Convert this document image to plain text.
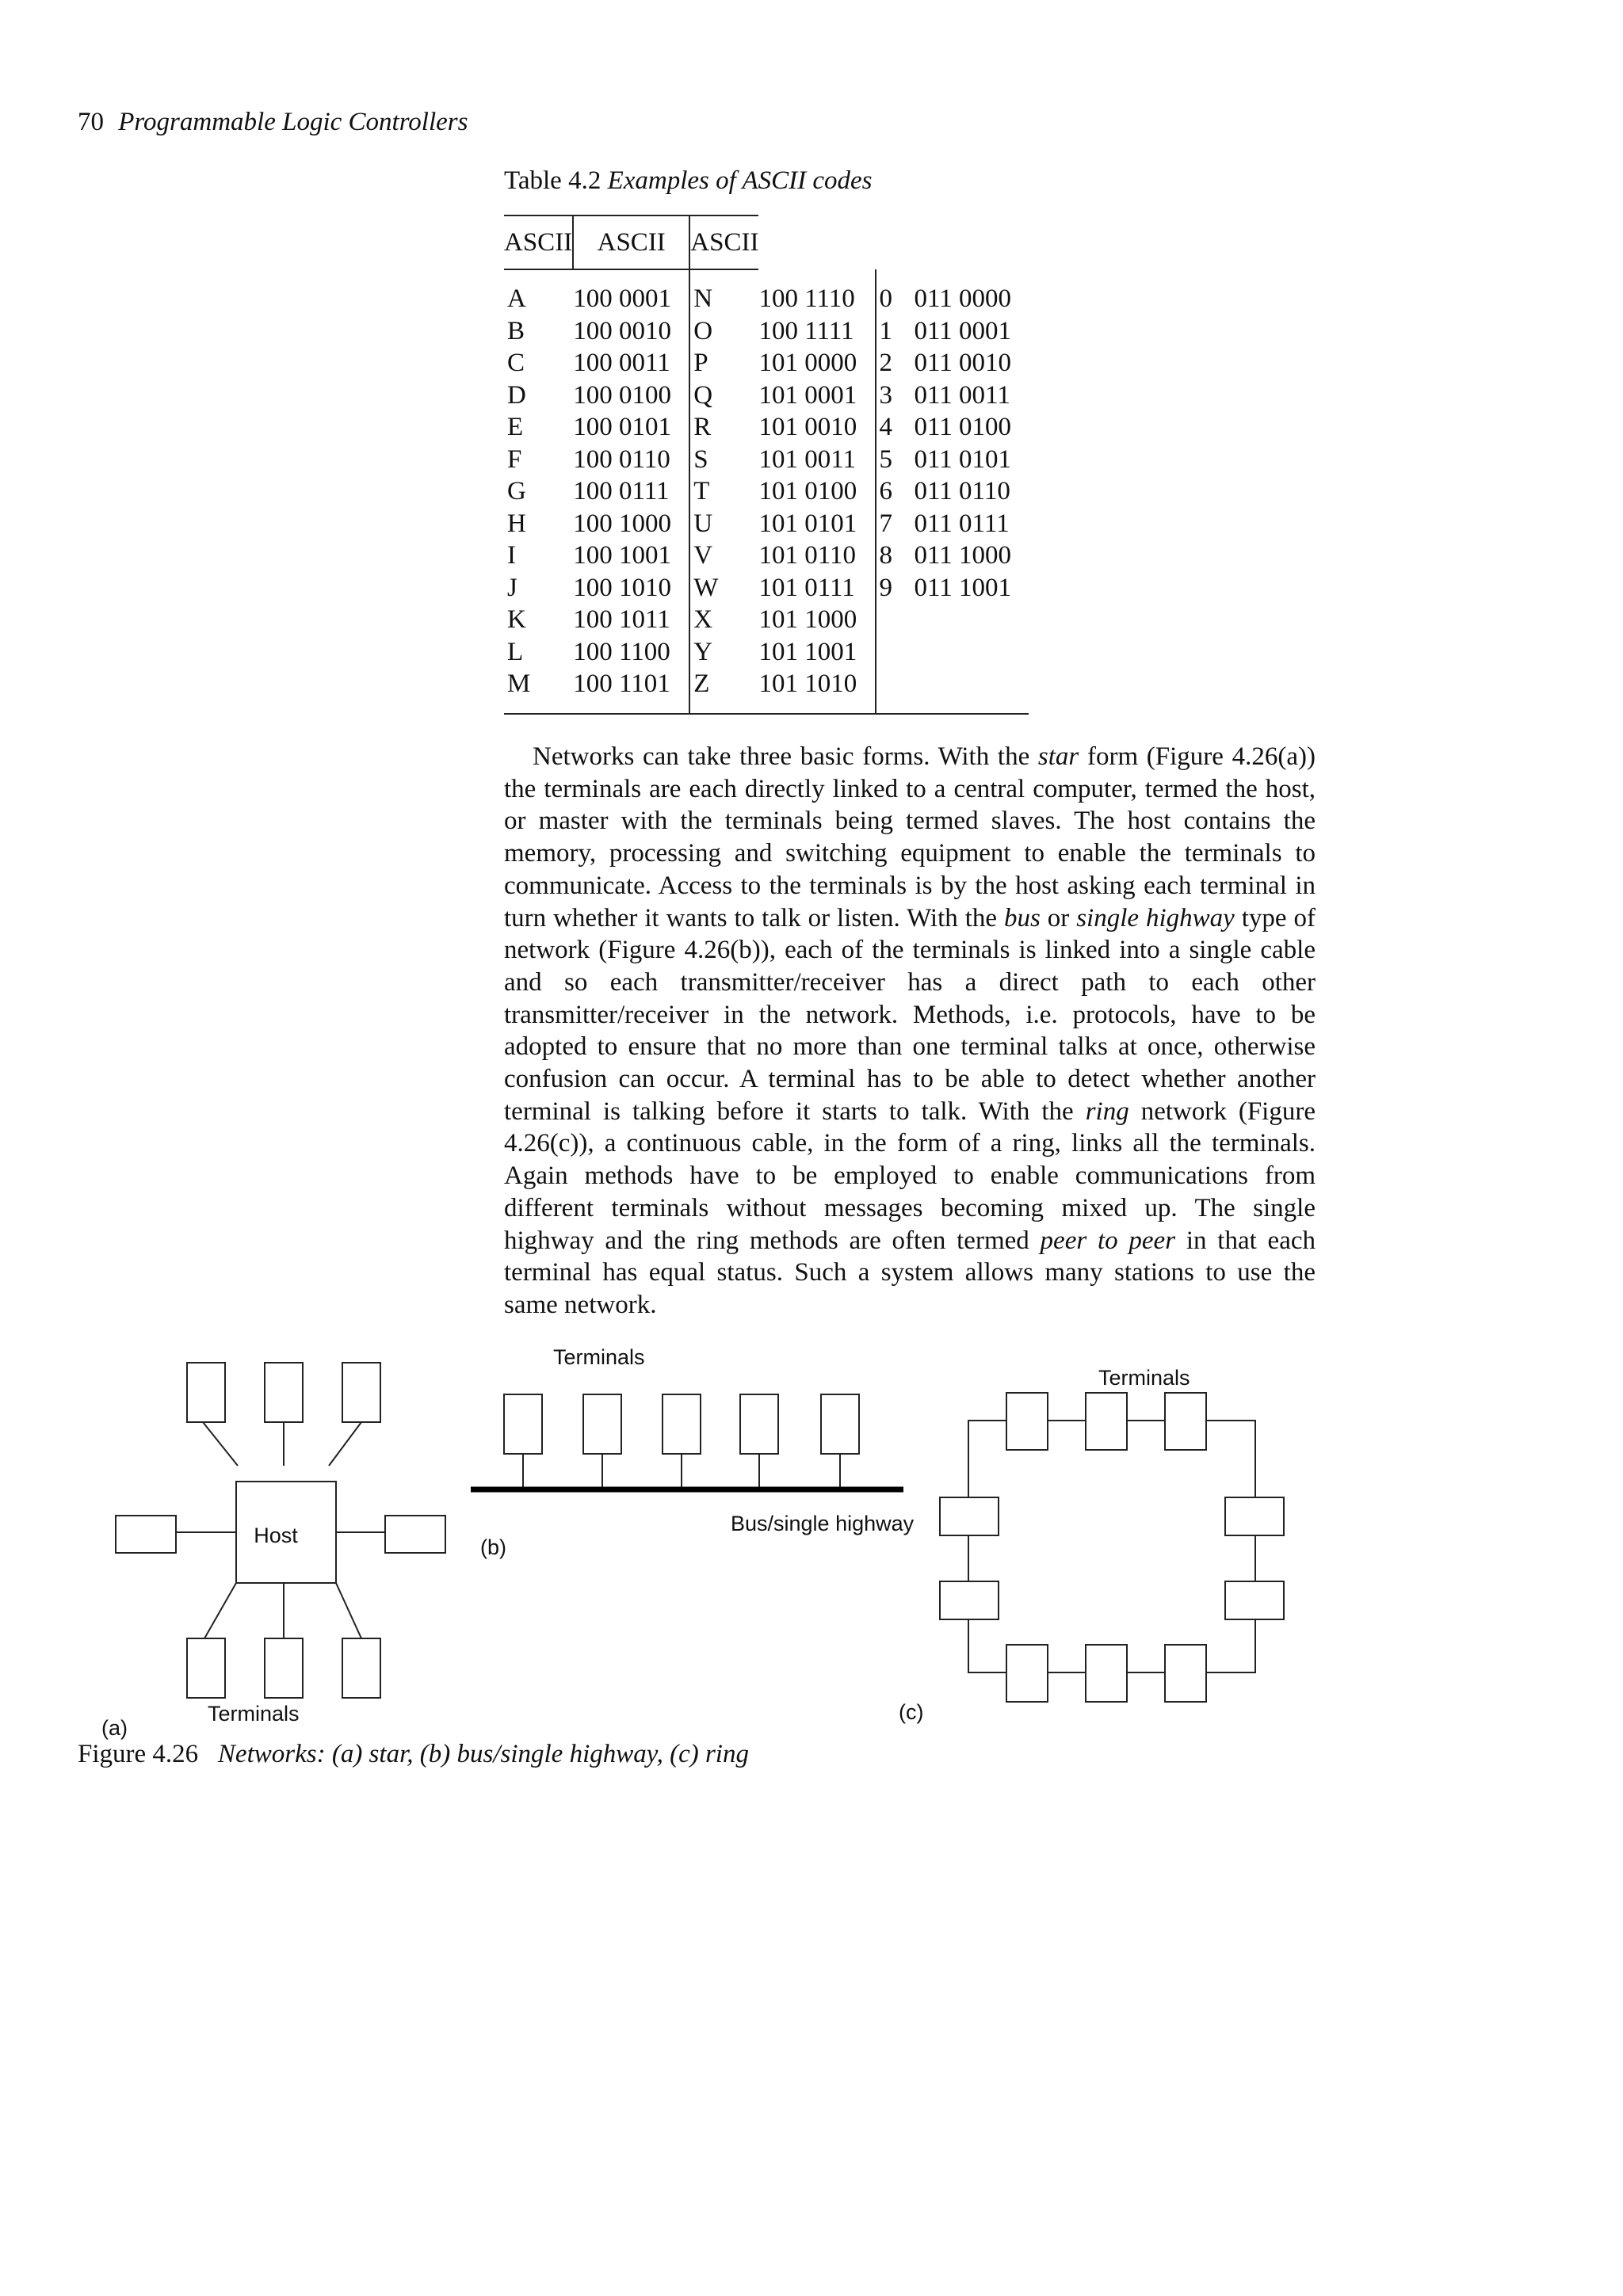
70 Programmable Logic Controllers
Table 4.2 Examples of ASCII codes
ASCII	ASCII	ASCII			
A	100 0001	N	100 1110	0	011 0000
B	100 0010	O	100 1111	1	011 0001
C	100 0011	P	101 0000	2	011 0010
D	100 0100	Q	101 0001	3	011 0011
E	100 0101	R	101 0010	4	011 0100
F	100 0110	S	101 0011	5	011 0101
G	100 0111	T	101 0100	6	011 0110
H	100 1000	U	101 0101	7	011 0111
I	100 1001	V	101 0110	8	011 1000
J	100 1010	W	101 0111	9	011 1001
K	100 1011	X	101 1000		
L	100 1100	Y	101 1001		
M	100 1101	Z	101 1010		

Networks can take three basic forms. With the star form (Figure 4.26(a)) the terminals are each directly linked to a central computer, termed the host, or master with the terminals being termed slaves. The host contains the memory, processing and switching equipment to enable the terminals to communicate. Access to the terminals is by the host asking each terminal in turn whether it wants to talk or listen. With the bus or single highway type of network (Figure 4.26(b)), each of the terminals is linked into a single cable and so each transmitter/receiver has a direct path to each other transmitter/receiver in the network. Methods, i.e. protocols, have to be adopted to ensure that no more than one terminal talks at once, otherwise confusion can occur. A terminal has to be able to detect whether another terminal is talking before it starts to talk. With the ring network (Figure 4.26(c)), a continuous cable, in the form of a ring, links all the terminals. Again methods have to be employed to enable communications from different terminals without messages becoming mixed up. The single highway and the ring methods are often termed peer to peer in that each terminal has equal status. Such a system allows many stations to use the same network.

Host
Terminals
(a)
Terminals
Bus/single highway
(b)
Terminals
(c)
Figure 4.26 Networks: (a) star, (b) bus/single highway, (c) ring
